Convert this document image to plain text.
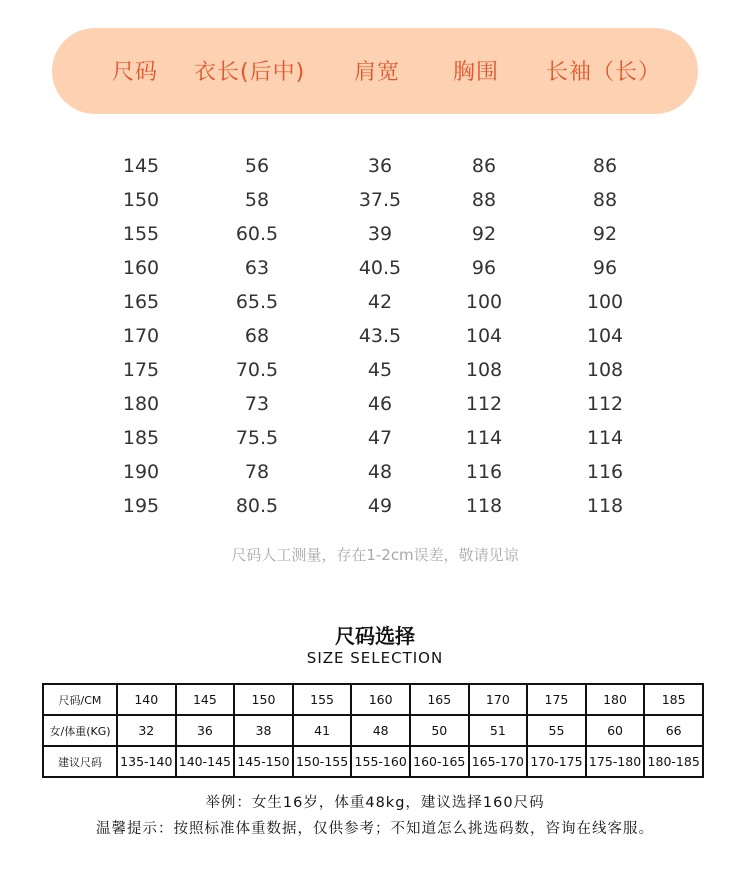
尺码 衣长(后中) 肩宽 胸围 长袖（长）
145	56	36	86	86
150	58	37.5	88	88
155	60.5	39	92	92
160	63	40.5	96	96
165	65.5	42	100	100
170	68	43.5	104	104
175	70.5	45	108	108
180	73	46	112	112
185	75.5	47	114	114
190	78	48	116	116
195	80.5	49	118	118
尺码人工测量，存在1-2cm误差，敬请见谅
尺码选择
SIZE SELECTION
尺码/CM	140	145	150	155	160	165	170	175	180	185
女/体重(KG)	32	36	38	41	48	50	51	55	60	66
建议尺码	135-140	140-145	145-150	150-155	155-160	160-165	165-170	170-175	175-180	180-185
举例：女生16岁，体重48kg，建议选择160尺码
温馨提示：按照标准体重数据，仅供参考；不知道怎么挑选码数，咨询在线客服。
